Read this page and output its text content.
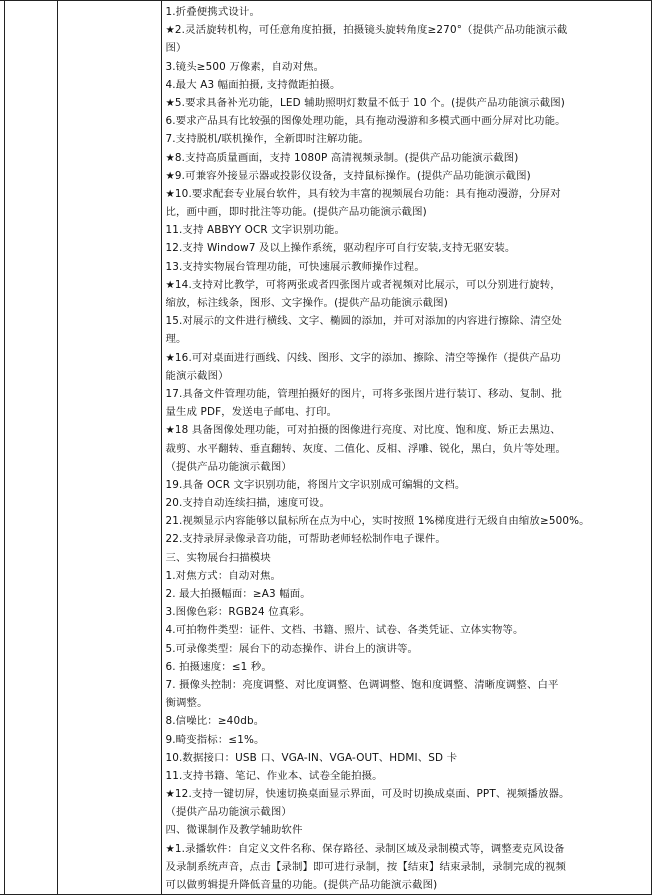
1.折叠便携式设计。
★2.灵活旋转机构，可任意角度拍摄，拍摄镜头旋转角度≥270°（提供产品功能演示截
图）
3.镜头≥500 万像素，自动对焦。
4.最大 A3 幅面拍摄, 支持微距拍摄。
★5.要求具备补光功能，LED 辅助照明灯数量不低于 10 个。(提供产品功能演示截图)
6.要求产品具有比较强的图像处理功能，具有拖动漫游和多模式画中画分屏对比功能。
7.支持脱机/联机操作，全新即时注解功能。
★8.支持高质量画面，支持 1080P 高清视频录制。(提供产品功能演示截图)
★9.可兼容外接显示器或投影仪设备，支持鼠标操作。(提供产品功能演示截图)
★10.要求配套专业展台软件，具有较为丰富的视频展台功能：具有拖动漫游，分屏对
比，画中画，即时批注等功能。(提供产品功能演示截图)
11.支持 ABBYY OCR 文字识别功能。
12.支持 Window7 及以上操作系统，驱动程序可自行安装,支持无驱安装。
13.支持实物展台管理功能，可快速展示教师操作过程。
★14.支持对比教学，可将两张或者四张图片或者视频对比展示，可以分别进行旋转，
缩放，标注线条，图形、文字操作。(提供产品功能演示截图)
15.对展示的文件进行横线、文字、椭圆的添加，并可对添加的内容进行擦除、清空处
理。
★16.可对桌面进行画线、闪线、图形、文字的添加、擦除、清空等操作（提供产品功
能演示截图）
17.具备文件管理功能，管理拍摄好的图片，可将多张图片进行装订、移动、复制、批
量生成 PDF，发送电子邮电、打印。
★18 具备图像处理功能，可对拍摄的图像进行亮度、对比度、饱和度、矫正去黑边、
裁剪、水平翻转、垂直翻转、灰度、二值化、反相、浮雕、锐化，黑白，负片等处理。
（提供产品功能演示截图）
19.具备 OCR 文字识别功能，将图片文字识别成可编辑的文档。
20.支持自动连续扫描，速度可设。
21.视频显示内容能够以鼠标所在点为中心，实时按照 1%梯度进行无级自由缩放≥500%。
22.支持录屏录像录音功能，可帮助老师轻松制作电子课件。
三、实物展台扫描模块
1.对焦方式：自动对焦。
2. 最大拍摄幅面：≥A3 幅面。
3.图像色彩：RGB24 位真彩。
4.可拍物件类型：证件、文档、书籍、照片、试卷、各类凭证、立体实物等。
5.可录像类型：展台下的动态操作、讲台上的演讲等。
6. 拍摄速度：≤1 秒。
7. 摄像头控制：亮度调整、对比度调整、色调调整、饱和度调整、清晰度调整、白平
衡调整。
8.信噪比：≥40db。
9.畸变指标：≤1%。
10.数据接口：USB 口、VGA-IN、VGA-OUT、HDMI、SD 卡
11.支持书籍、笔记、作业本、试卷全能拍摄。
★12.支持一键切屏，快速切换桌面显示界面，可及时切换成桌面、PPT、视频播放器。
（提供产品功能演示截图）
四、微课制作及教学辅助软件
★1.录播软件：自定义文件名称、保存路径、录制区域及录制模式等，调整麦克风设备
及录制系统声音，点击【录制】即可进行录制，按【结束】结束录制，录制完成的视频
可以做剪辑提升降低音量的功能。(提供产品功能演示截图)
